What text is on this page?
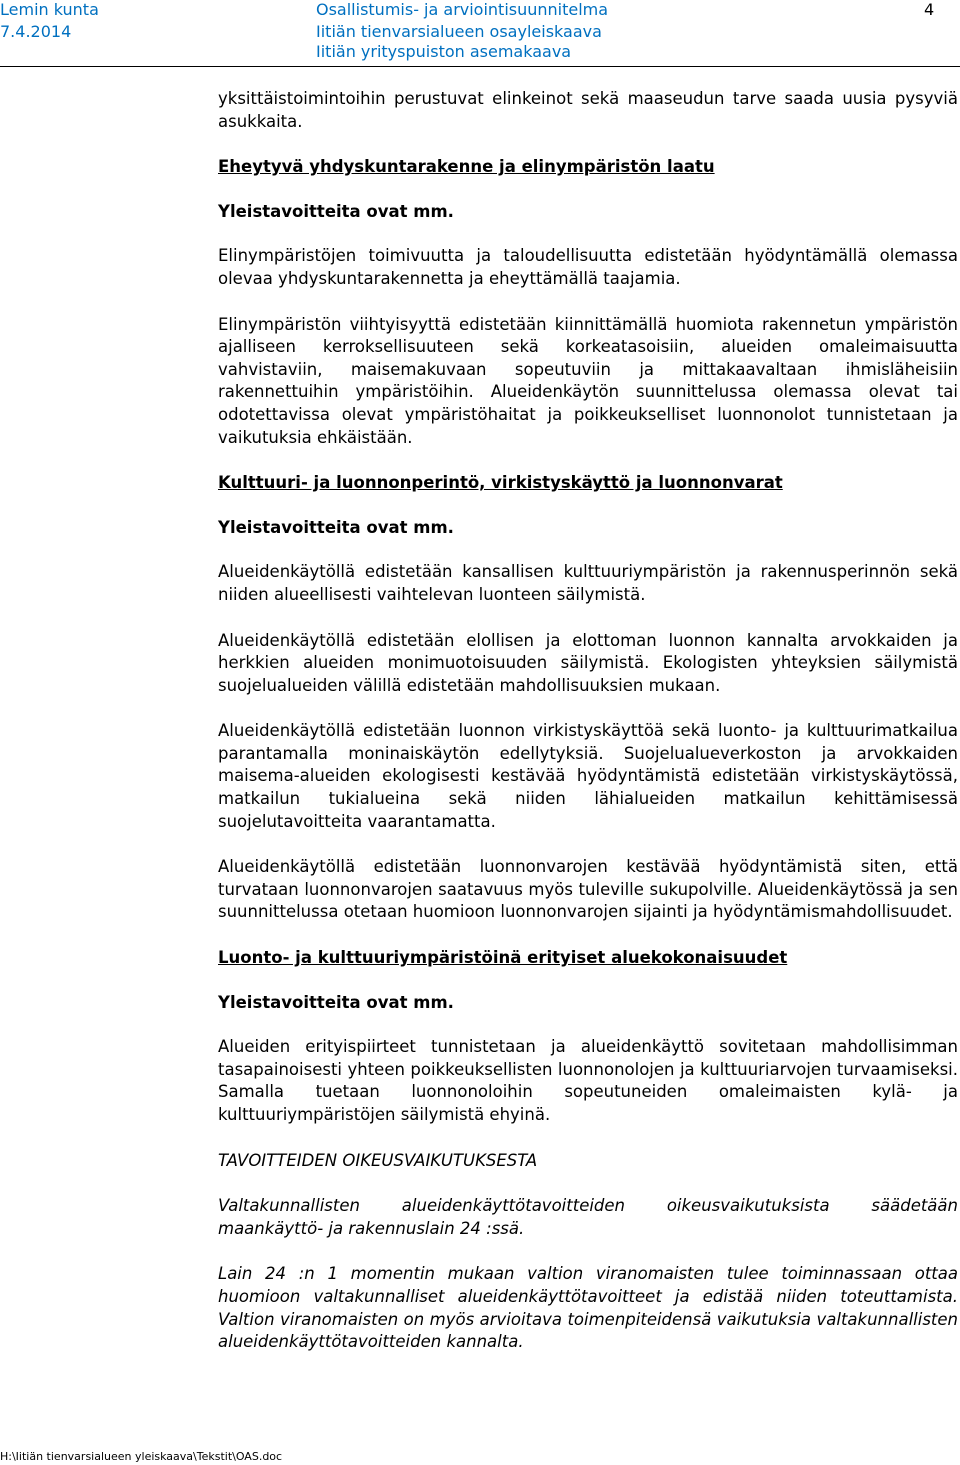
Lemin kunta
7.4.2014
Osallistumis- ja arviointisuunnitelma
Iitiän tienvarsialueen osayleiskaava
Iitiän yrityspuiston asemakaava
4

yksittäistoimintoihin perustuvat elinkeinot sekä maaseudun tarve saada uusia pysyviä asukkaita.

Eheytyvä yhdyskuntarakenne ja elinympäristön laatu
Yleistavoitteita ovat mm.

Elinympäristöjen toimivuutta ja taloudellisuutta edistetään hyödyntämällä olemassa olevaa yhdyskuntarakennetta ja eheyttämällä taajamia.

Elinympäristön viihtyisyyttä edistetään kiinnittämällä huomiota rakennetun ympäristön ajalliseen kerroksellisuuteen sekä korkeatasoisiin, alueiden omaleimaisuutta vahvistaviin, maisemakuvaan sopeutuviin ja mittakaavaltaan ihmisläheisiin rakennettuihin ympäristöihin. Alueidenkäytön suunnittelussa olemassa olevat tai odotettavissa olevat ympäristöhaitat ja poikkeukselliset luonnonolot tunnistetaan ja vaikutuksia ehkäistään.

Kulttuuri- ja luonnonperintö, virkistyskäyttö ja luonnonvarat
Yleistavoitteita ovat mm.

Alueidenkäytöllä edistetään kansallisen kulttuuriympäristön ja rakennusperinnön sekä niiden alueellisesti vaihtelevan luonteen säilymistä.

Alueidenkäytöllä edistetään elollisen ja elottoman luonnon kannalta arvokkaiden ja herkkien alueiden monimuotoisuuden säilymistä. Ekologisten yhteyksien säilymistä suojelualueiden välillä edistetään mahdollisuuksien mukaan.

Alueidenkäytöllä edistetään luonnon virkistyskäyttöä sekä luonto- ja kulttuurimatkailua parantamalla moninaiskäytön edellytyksiä. Suojelualueverkoston ja arvokkaiden maisema-alueiden ekologisesti kestävää hyödyntämistä edistetään virkistyskäytössä, matkailun tukialueina sekä niiden lähialueiden matkailun kehittämisessä suojelutavoitteita vaarantamatta.

Alueidenkäytöllä edistetään luonnonvarojen kestävää hyödyntämistä siten, että turvataan luonnonvarojen saatavuus myös tuleville sukupolville. Alueidenkäytössä ja sen suunnittelussa otetaan huomioon luonnonvarojen sijainti ja hyödyntämismahdollisuudet.

Luonto- ja kulttuuriympäristöinä erityiset aluekokonaisuudet
Yleistavoitteita ovat mm.

Alueiden erityispiirteet tunnistetaan ja alueidenkäyttö sovitetaan mahdollisimman tasapainoisesti yhteen poikkeuksellisten luonnonolojen ja kulttuuriarvojen turvaamiseksi. Samalla tuetaan luonnonoloihin sopeutuneiden omaleimaisten kylä- ja kulttuuriympäristöjen säilymistä ehyinä.

TAVOITTEIDEN OIKEUSVAIKUTUKSESTA

Valtakunnallisten alueidenkäyttötavoitteiden oikeusvaikutuksista säädetään maankäyttö- ja rakennuslain 24 :ssä.

Lain 24 :n 1 momentin mukaan valtion viranomaisten tulee toiminnassaan ottaa huomioon valtakunnalliset alueidenkäyttötavoitteet ja edistää niiden toteuttamista. Valtion viranomaisten on myös arvioitava toimenpiteidensä vaikutuksia valtakunnallisten alueidenkäyttötavoitteiden kannalta.

H:\Iitiän tienvarsialueen yleiskaava\Tekstit\OAS.doc
